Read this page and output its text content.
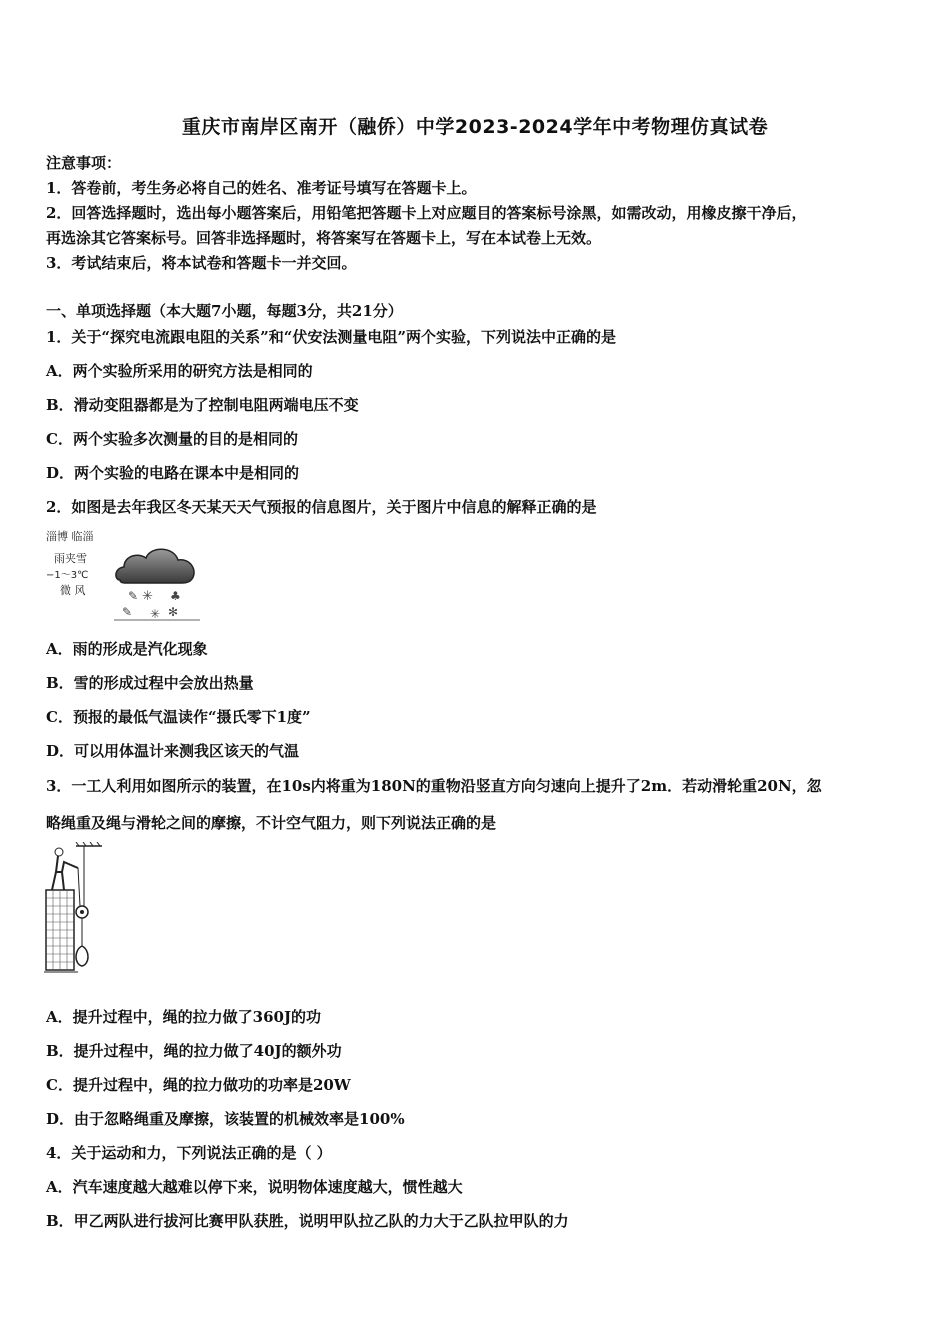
重庆市南岸区南开（融侨）中学2023-2024学年中考物理仿真试卷
注意事项：
1．答卷前，考生务必将自己的姓名、准考证号填写在答题卡上。
2．回答选择题时，选出每小题答案后，用铅笔把答题卡上对应题目的答案标号涂黑，如需改动，用橡皮擦干净后，
再选涂其它答案标号。回答非选择题时，将答案写在答题卡上，写在本试卷上无效。
3．考试结束后，将本试卷和答题卡一并交回。
一、单项选择题（本大题7小题，每题3分，共21分）
1．关于“探究电流跟电阻的关系”和“伏安法测量电阻”两个实验，下列说法中正确的是
A．两个实验所采用的研究方法是相同的
B．滑动变阻器都是为了控制电阻两端电压不变
C．两个实验多次测量的目的是相同的
D．两个实验的电路在课本中是相同的
2．如图是去年我区冬天某天天气预报的信息图片，关于图片中信息的解释正确的是
淄博 临淄
雨夹雪
−1～3℃
微 风	✎ ✳ ♣
✎ ✳ ✻
A．雨的形成是汽化现象
B．雪的形成过程中会放出热量
C．预报的最低气温读作“摄氏零下1度”
D．可以用体温计来测我区该天的气温
3．一工人利用如图所示的装置，在10s内将重为180N的重物沿竖直方向匀速向上提升了2m．若动滑轮重20N，忽
略绳重及绳与滑轮之间的摩擦，不计空气阻力，则下列说法正确的是
A．提升过程中，绳的拉力做了360J的功
B．提升过程中，绳的拉力做了40J的额外功
C．提升过程中，绳的拉力做功的功率是20W
D．由于忽略绳重及摩擦，该装置的机械效率是100%
4．关于运动和力，下列说法正确的是（ ）
A．汽车速度越大越难以停下来，说明物体速度越大，惯性越大
B．甲乙两队进行拔河比赛甲队获胜，说明甲队拉乙队的力大于乙队拉甲队的力
